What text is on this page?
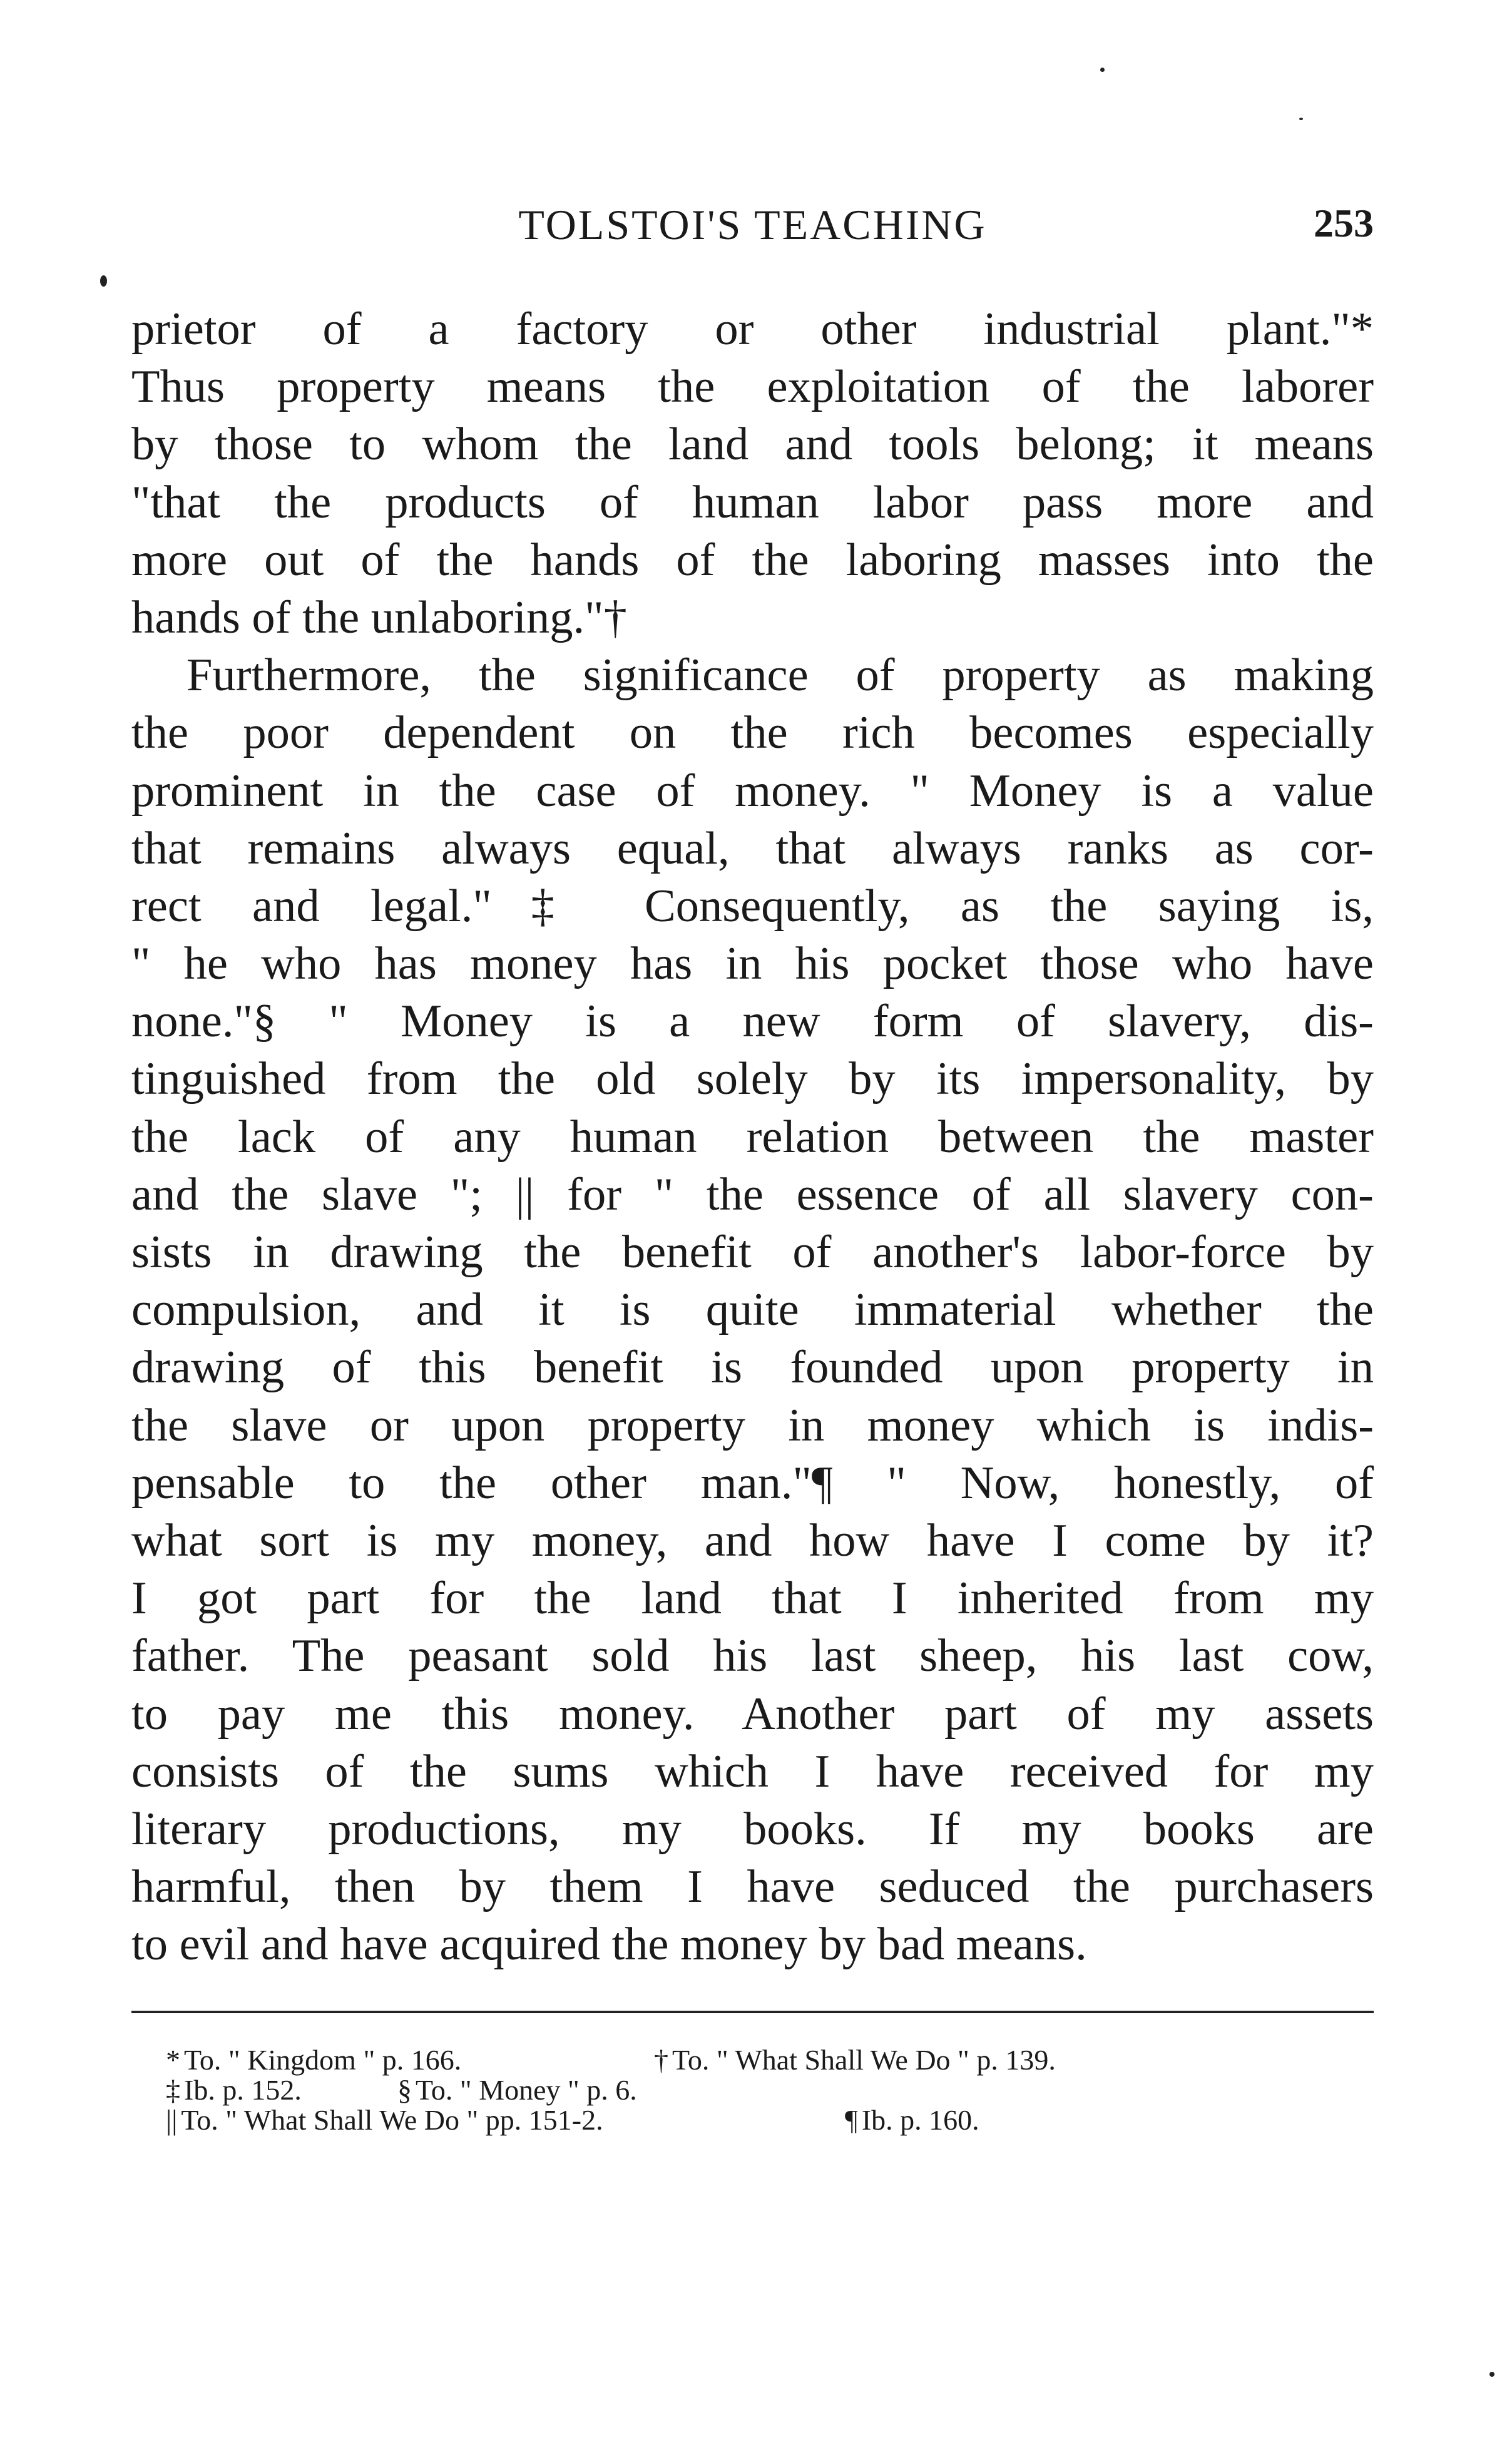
TOLSTOI'S TEACHING	253
prietor of a factory or other industrial plant."*
Thus property means the exploitation of the laborer
by those to whom the land and tools belong; it means
"that the products of human labor pass more and
more out of the hands of the laboring masses into the
hands of the unlaboring."†
Furthermore, the significance of property as making
the poor dependent on the rich becomes especially
prominent in the case of money. " Money is a value
that remains always equal, that always ranks as cor-
rect and legal."‡ Consequently, as the saying is,
" he who has money has in his pocket those who have
none."§ " Money is a new form of slavery, dis-
tinguished from the old solely by its impersonality, by
the lack of any human relation between the master
and the slave "; || for " the essence of all slavery con-
sists in drawing the benefit of another's labor-force by
compulsion, and it is quite immaterial whether the
drawing of this benefit is founded upon property in
the slave or upon property in money which is indis-
pensable to the other man."¶ " Now, honestly, of
what sort is my money, and how have I come by it?
I got part for the land that I inherited from my
father. The peasant sold his last sheep, his last cow,
to pay me this money. Another part of my assets
consists of the sums which I have received for my
literary productions, my books. If my books are
harmful, then by them I have seduced the purchasers
to evil and have acquired the money by bad means.
* To. " Kingdom " p. 166.	† To. " What Shall We Do " p. 139.
‡ Ib. p. 152.	§ To. " Money " p. 6.
|| To. " What Shall We Do " pp. 151-2.	¶ Ib. p. 160.
